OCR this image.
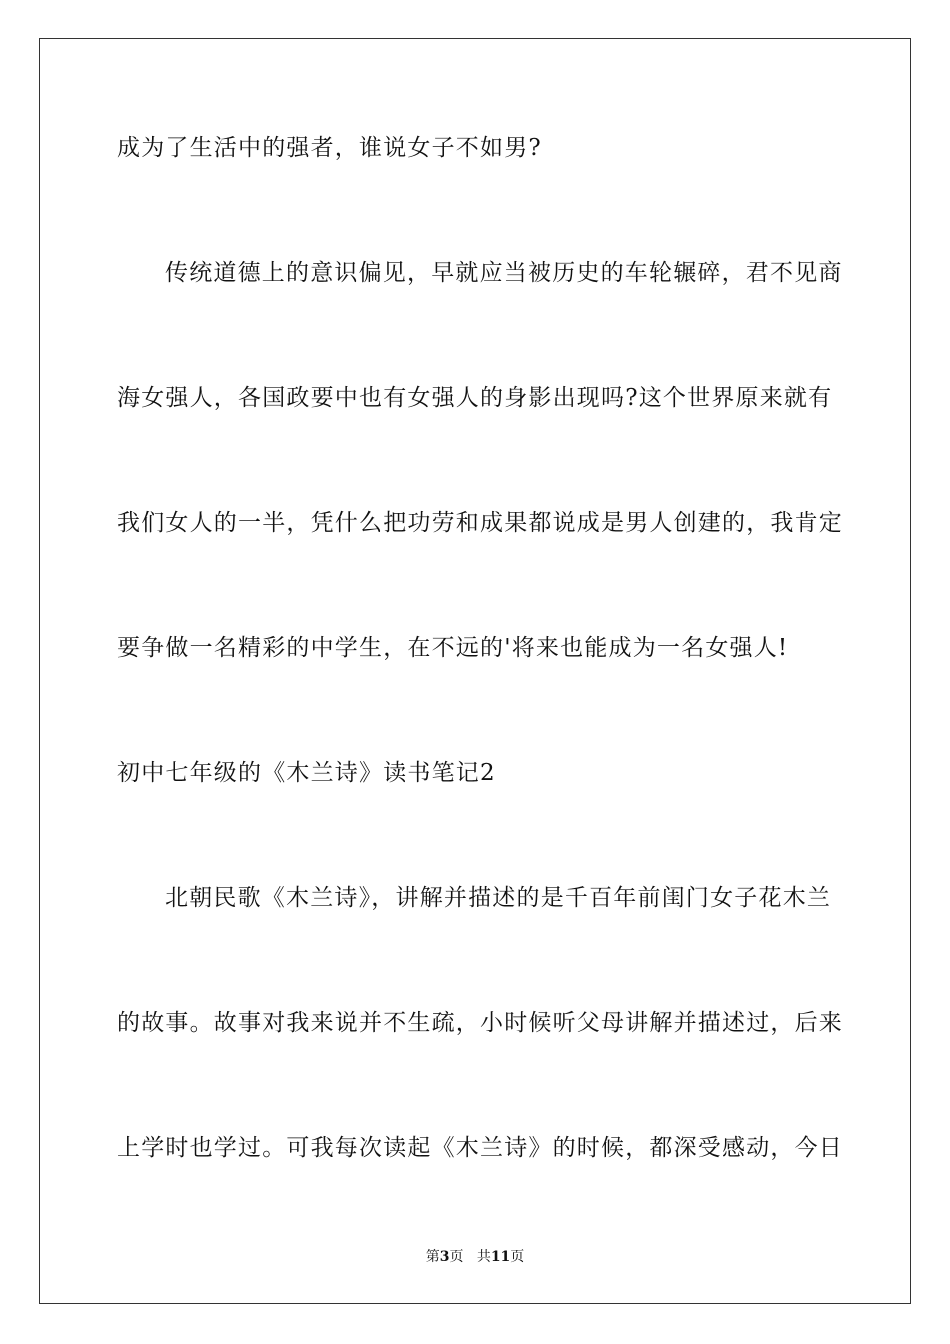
成为了生活中的强者，谁说女子不如男?
传统道德上的意识偏见，早就应当被历史的车轮辗碎，君不见商
海女强人，各国政要中也有女强人的身影出现吗?这个世界原来就有
我们女人的一半，凭什么把功劳和成果都说成是男人创建的，我肯定
要争做一名精彩的中学生，在不远的'将来也能成为一名女强人!
初中七年级的《木兰诗》读书笔记2
北朝民歌《木兰诗》，讲解并描述的是千百年前闺门女子花木兰
的故事。故事对我来说并不生疏，小时候听父母讲解并描述过，后来
上学时也学过。可我每次读起《木兰诗》的时候，都深受感动，今日
第3页 共11页
